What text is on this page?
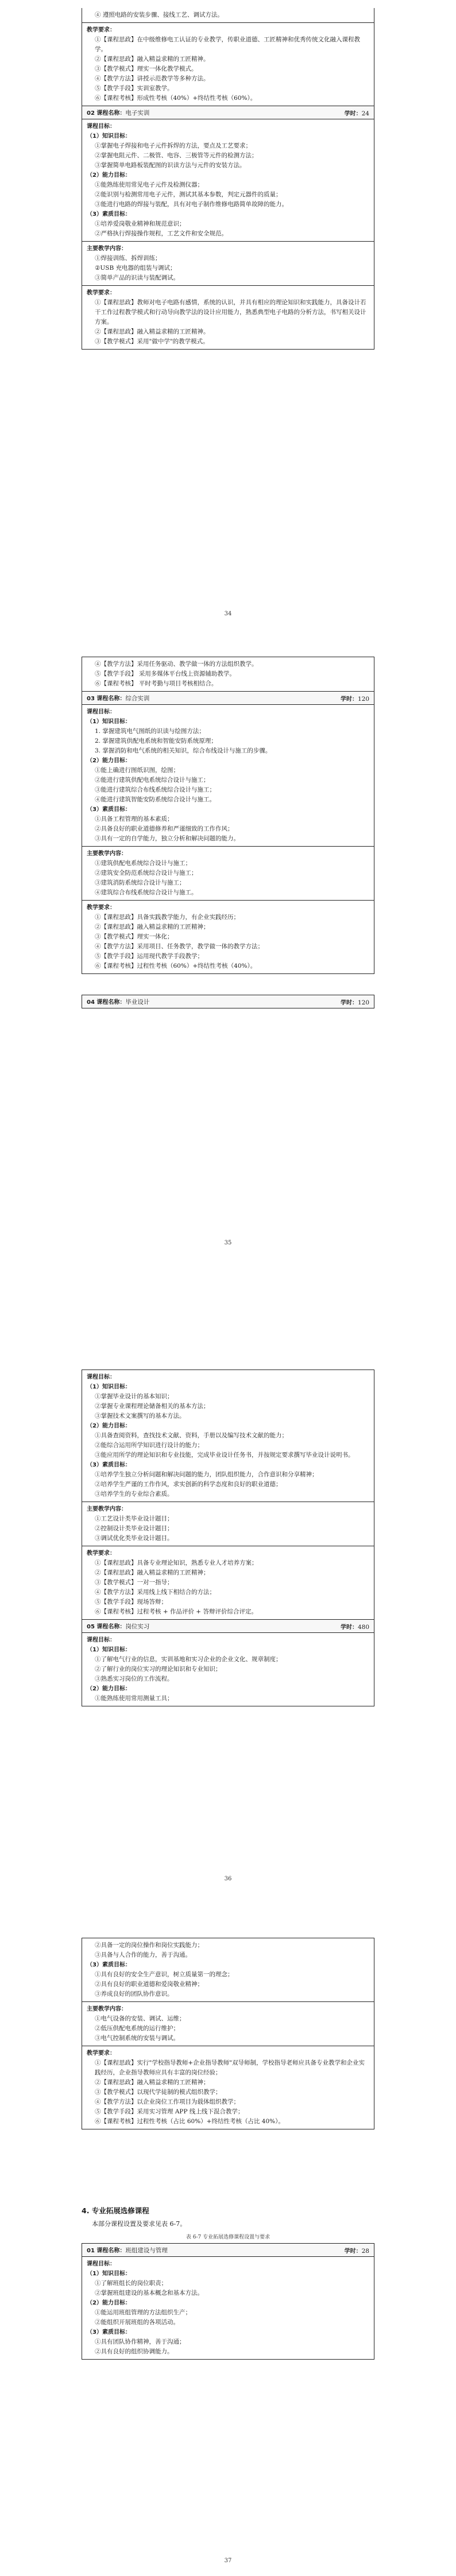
④ 遵照电路的安装步骤、接线工艺、调试方法。
教学要求：
①【课程思政】在中级维修电工认证的专业教学，传职业道德、工匠精神和优秀传统文化融入课程教学。
②【课程思政】融入精益求精的工匠精神。
③【教学模式】理实一体化教学模式。
④【教学方法】讲授示范教学等多种方法。
⑤【教学手段】实训室教学。
⑥【课程考核】形成性考核（40%）+终结性考核（60%）。
02 课程名称：电子实训	学时：24
课程目标：
（1）知识目标：
①掌握电子焊接和电子元件拆焊的方法，要点及工艺要求；
②掌握电阻元件、二极管、电容、三极管等元件的检测方法；
③掌握简单电路板装配图的识读方法与元件的安装方法。
（2）能力目标：
①能熟练使用常见电子元件及检测仪器；
②能识别与检测常用电子元件，测试其基本参数，判定元器件的质量；
③能进行电路的焊接与装配，具有对电子制作维修电路简单故障的能力。
（3）素质目标：
①培养爱岗敬业精神和规范意识；
②严格执行焊接操作规程，工艺文件和安全规范。
主要教学内容：
①焊接训练、拆焊训练；
②USB 充电器的组装与调试；
③简单产品的识读与装配调试。
教学要求：
①【课程思政】教师对电子电路有感情，系统的认识，并具有相应的理论知识和实践能力，具备设计若干工作过程教学模式和行动导向教学法的设计应用能力，熟悉典型电子电路的分析方法，书写相关设计方案。
②【课程思政】融入精益求精的工匠精神。
③【教学模式】采用"做中学"的教学模式。
34
④【教学方法】采用任务驱动、教学做一体的方法组织教学。
⑤【教学手段】 采用多媒体平台线上资源辅助教学。
⑥【课程考核】 平时考勤与项目考核相结合。
03 课程名称：综合实训	学时：120
课程目标：
（1）知识目标：
1. 掌握建筑电气图纸的识读与绘图方法；
2. 掌握建筑供配电系统和智能安防系统原理；
3. 掌握消防和电气系统的相关知识，综合布线设计与施工的步骤。
（2）能力目标：
①能上确进行图纸识图，绘图；
②能进行建筑供配电系统综合设计与施工；
③能进行建筑综合布线系统综合设计与施工；
④能进行建筑智能安防系统综合设计与施工。
（3）素质目标：
①具备工程管理的基本素质；
②具备良好的职业道德修养和严谨细致的工作作风；
③具有一定的自学能力，独立分析和解决问题的能力。
主要教学内容：
①建筑供配电系统综合设计与施工；
②建筑安全防范系统综合设计与施工；
③建筑消防系统综合设计与施工；
④建筑综合布线系统综合设计与施工。
教学要求：
①【课程思政】具备实践教学能力，有企业实践经历；
②【课程思政】融入精益求精的工匠精神；
③【教学模式】理实一体化；
④【教学方法】采用项目、任务教学，教学做一体的教学方法；
⑤【教学手段】运用现代教学手段教学；
⑥【课程考核】过程性考核（60%）+终结性考核（40%）。
04 课程名称：毕业设计	学时：120
35
课程目标：
（1）知识目标：
①掌握毕业设计的基本知识；
②掌握专业课程理论储备相关的基本方法；
③掌握技术文案撰写的基本方法。
（2）能力目标：
①具备查阅资料，查找技术文献、资料，手册以及编写技术文献的能力；
②能综合运用所学知识进行设计的能力；
③能应用所学的理论知识和专业技能，完成毕业设计任务书，并按规定要求撰写毕业设计说明书。
（3）素质目标：
①培养学生独立分析问题和解决问题的能力，团队组织能力，合作意识和分享精神；
②培养学生严谨的工作作风，求实创新的科学态度和良好的职业道德；
③培养学生的专业综合素质。
主要教学内容：
①工艺设计类毕业设计题目；
②控制设计类毕业设计题目；
③调试优化类毕业设计题目。
教学要求：
①【课程思政】具备专业理论知识，熟悉专业人才培养方案；
②【课程思政】融入精益求精的工匠精神；
③【教学模式】一对一指导；
④【教学方法】采用线上线下相结合的方法；
⑤【教学手段】现场答辩；
⑥【课程考核】过程考核 + 作品评价 + 答辩评价综合评定。
05 课程名称：岗位实习	学时：480
课程目标：
（1）知识目标：
①了解电气行业的信息，实训基地和实习企业的企业文化、规章制度；
②了解行业的岗位实习的理论知识和专业知识；
③熟悉实习岗位的工作流程。
（2）能力目标：
①能熟练使用常用测量工具；
36
②具备一定的岗位操作和岗位实践能力；
③具备与人合作的能力，善于沟通。
（3）素质目标：
①具有良好的安全生产意识，树立质量第一的理念；
②具有良好的职业道德和爱岗敬业精神；
③养成良好的团队协作意识。
主要教学内容：
①电气设备的安装、调试、运维；
②低压供配电系统的运行维护；
③电气控制系统的安装与调试。
教学要求：
①【课程思政】实行"学校指导教师+企业指导教师"双导师制，学校指导老师应具备专业教学和企业实践经历，企业指导教师应具有丰富的岗位经验；
②【课程思政】融入精益求精的工匠精神；
③【教学模式】以现代学徒制的模式组织教学；
④【教学方法】以企业岗位工作项目为载体组织教学；
⑤【教学手段】采用实习管理 APP 线上线下混合教学；
⑥【课程考核】过程性考核（占比 60%）+终结性考核（占比 40%）。
4. 专业拓展选修课程
本部分课程设置及要求见表 6-7。
表 6-7 专业拓展选修课程设置与要求
01 课程名称：班组建设与管理	学时：28
课程目标：
（1）知识目标：
①了解班组长的岗位职责；
②掌握班组建设的基本概念和基本方法。
（2）能力目标：
①能运用班组管理的方法组织生产；
②能组织开展班组的各项活动。
（3）素质目标：
①具有团队协作精神，善于沟通；
②具有良好的组织协调能力。
37
